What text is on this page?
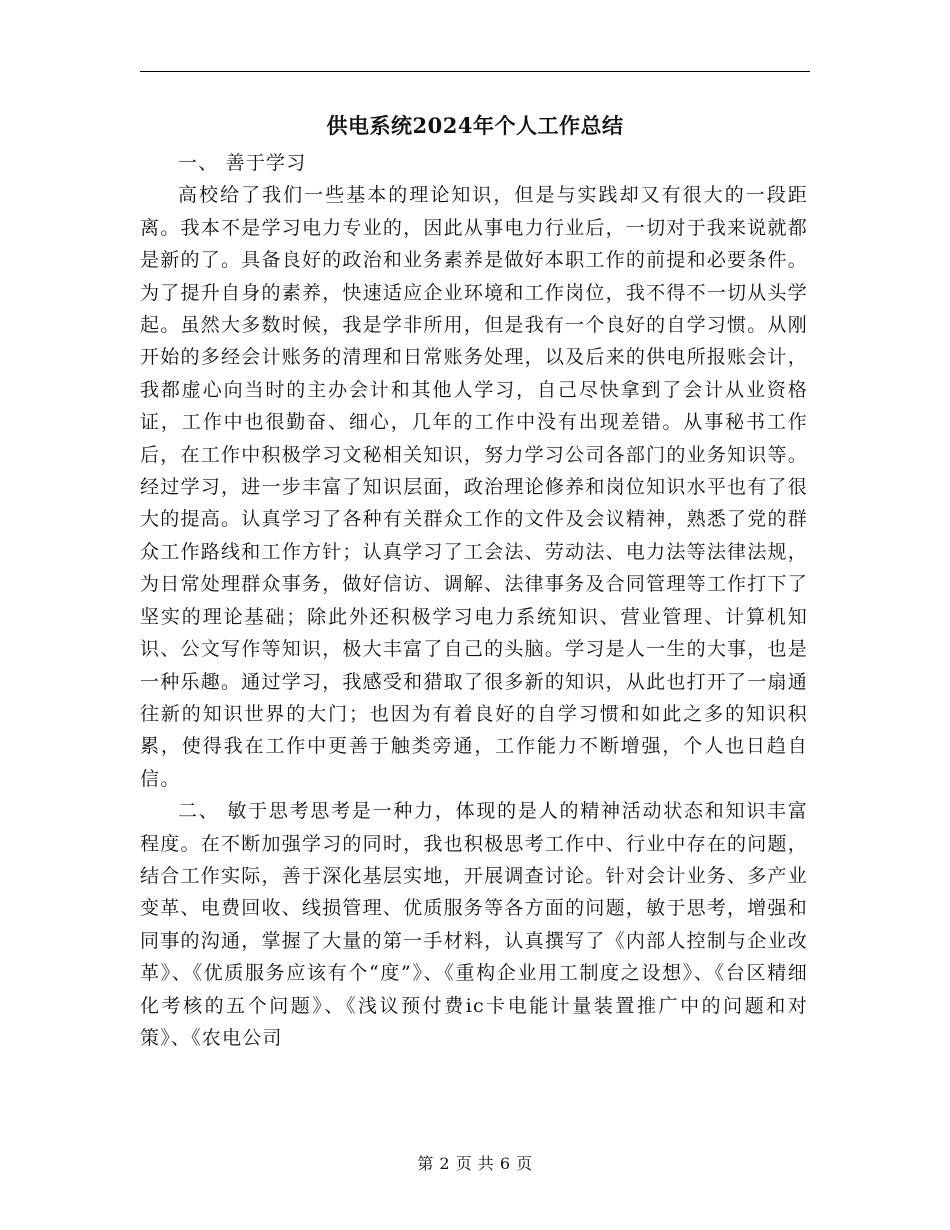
供电系统2024年个人工作总结

一、 善于学习

高校给了我们一些基本的理论知识，但是与实践却又有很大的一段距离。我本不是学习电力专业的，因此从事电力行业后，一切对于我来说就都是新的了。具备良好的政治和业务素养是做好本职工作的前提和必要条件。为了提升自身的素养，快速适应企业环境和工作岗位，我不得不一切从头学起。虽然大多数时候，我是学非所用，但是我有一个良好的自学习惯。从刚开始的多经会计账务的清理和日常账务处理，以及后来的供电所报账会计，我都虚心向当时的主办会计和其他人学习，自己尽快拿到了会计从业资格证，工作中也很勤奋、细心，几年的工作中没有出现差错。从事秘书工作后，在工作中积极学习文秘相关知识，努力学习公司各部门的业务知识等。经过学习，进一步丰富了知识层面，政治理论修养和岗位知识水平也有了很大的提高。认真学习了各种有关群众工作的文件及会议精神，熟悉了党的群众工作路线和工作方针；认真学习了工会法、劳动法、电力法等法律法规，为日常处理群众事务，做好信访、调解、法律事务及合同管理等工作打下了坚实的理论基础；除此外还积极学习电力系统知识、营业管理、计算机知识、公文写作等知识，极大丰富了自己的头脑。学习是人一生的大事，也是一种乐趣。通过学习，我感受和猎取了很多新的知识，从此也打开了一扇通往新的知识世界的大门；也因为有着良好的自学习惯和如此之多的知识积累，使得我在工作中更善于触类旁通，工作能力不断增强，个人也日趋自信。

二、 敏于思考思考是一种力，体现的是人的精神活动状态和知识丰富程度。在不断加强学习的同时，我也积极思考工作中、行业中存在的问题，结合工作实际，善于深化基层实地，开展调查讨论。针对会计业务、多产业变革、电费回收、线损管理、优质服务等各方面的问题，敏于思考，增强和同事的沟通，掌握了大量的第一手材料，认真撰写了《内部人控制与企业改革》、《优质服务应该有个“度”》、《重构企业用工制度之设想》、《台区精细化考核的五个问题》、《浅议预付费ic卡电能计量装置推广中的问题和对策》、《农电公司

第 2 页 共 6 页
